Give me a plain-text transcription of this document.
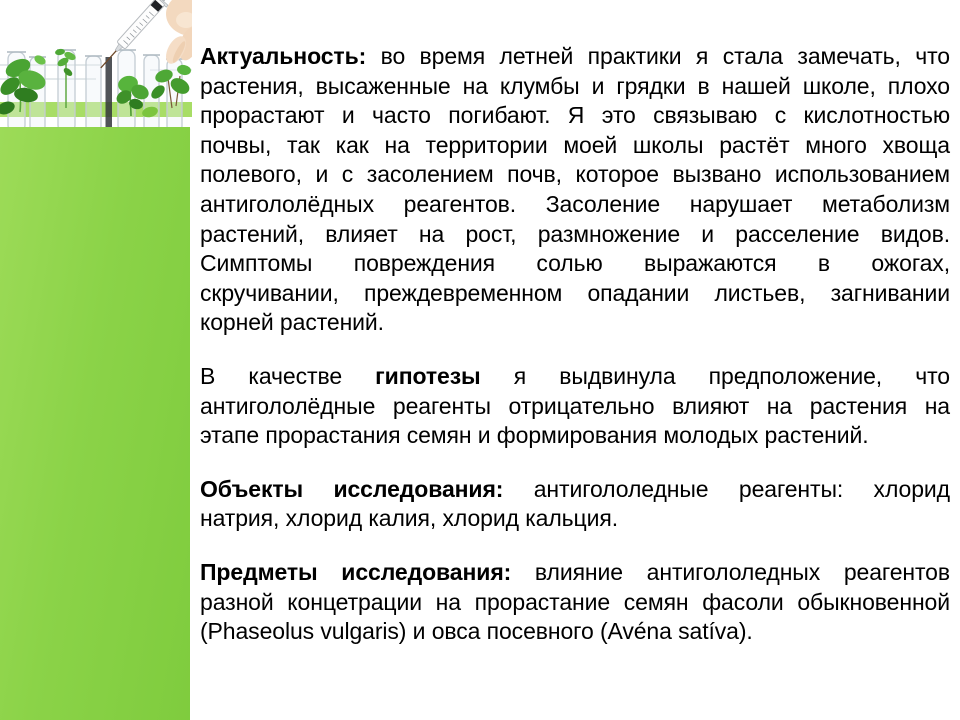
Актуальность: во время летней практики я стала замечать, что
растения, высаженные на клумбы и грядки в нашей школе, плохо
прорастают и часто погибают. Я это связываю с кислотностью
почвы, так как на территории моей школы растёт много хвоща
полевого, и с засолением почв, которое вызвано использованием
антигололёдных реагентов. Засоление нарушает метаболизм
растений, влияет на рост, размножение и расселение видов.
Симптомы повреждения солью выражаются в ожогах,
скручивании, преждевременном опадании листьев, загнивании
корней растений.
В качестве гипотезы я выдвинула предположение, что
антигололёдные реагенты отрицательно влияют на растения на
этапе прорастания семян и формирования молодых растений.
Объекты исследования: антигололедные реагенты: хлорид
натрия, хлорид калия, хлорид кальция.
Предметы исследования: влияние антигололедных реагентов
разной концетрации на прорастание семян фасоли обыкновенной
(Phaseolus vulgaris) и овса посевного (Avéna satíva).
